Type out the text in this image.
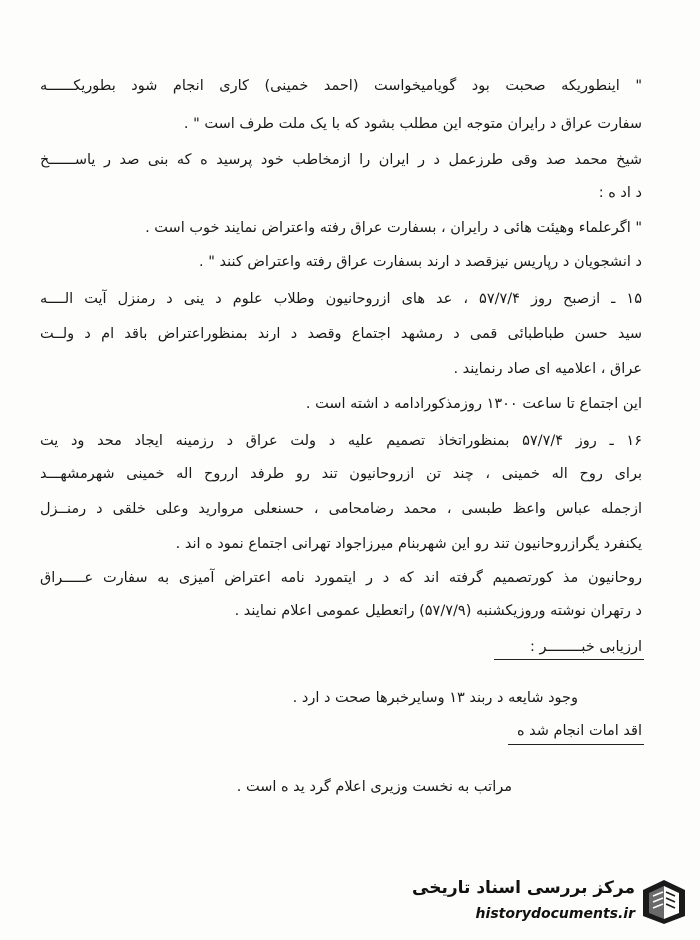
" اینطوریکه صحبت بود گویامیخواست (احمد خمینی) کاری انجام شود بطوریکــــــه
سفارت عراق د رایران متوجه این مطلب بشود که با یک ملت طرف است " .
شیخ محمد صد وقی طرزعمل د ر ایران را ازمخاطب خود پرسید ه که بنی صد ر یاســــــخ
د اد ه :
" اگرعلماء وهیئت هائی د رایران ، بسفارت عراق رفته واعتراض نمایند خوب است .
د انشجویان د رپاریس نیزقصد د ارند بسفارت عراق رفته واعتراض کنند " .
۱۵ ـ ازصبح روز ۵۷/۷/۴ ، عد های ازروحانیون وطلاب علوم د ینی د رمنزل آیت الــــه
سید حسن طباطبائی قمی د رمشهد اجتماع وقصد د ارند بمنظوراعتراض باقد ام د ولــت
عراق ، اعلامیه ای صاد رنمایند .
این اجتماع تا ساعت ۱۳۰۰ روزمذکورادامه د اشته است .
۱۶ ـ روز ۵۷/۷/۴ بمنظوراتخاذ تصمیم علیه د ولت عراق د رزمینه ایجاد محد ود یت
برای روح اله خمینی ، چند تن ازروحانیون تند رو طرفد ارروح اله خمینی شهرمشهـــد
ازجمله عباس واعظ طبسی ، محمد رضامحامی ، حسنعلی مروارید وعلی خلقی د رمنــزل
یکنفرد یگرازروحانیون تند رو این شهربنام میرزاجواد تهرانی اجتماع نمود ه اند .
روحانیون مذ کورتصمیم گرفته اند که د ر ایتمورد نامه اعتراض آمیزی به سفارت عـــــراق
د رتهران نوشته وروزیکشنبه (۵۷/۷/۹) راتعطیل عمومی اعلام نمایند .
ارزیابی خبــــــــر :
وجود شایعه د ربند ۱۳ وسایرخبرها صحت د ارد .
اقد امات انجام شد ه
مراتب به نخست وزیری اعلام گرد ید ه است .
مرکز بررسی اسناد تاریخی
historydocuments.ir
